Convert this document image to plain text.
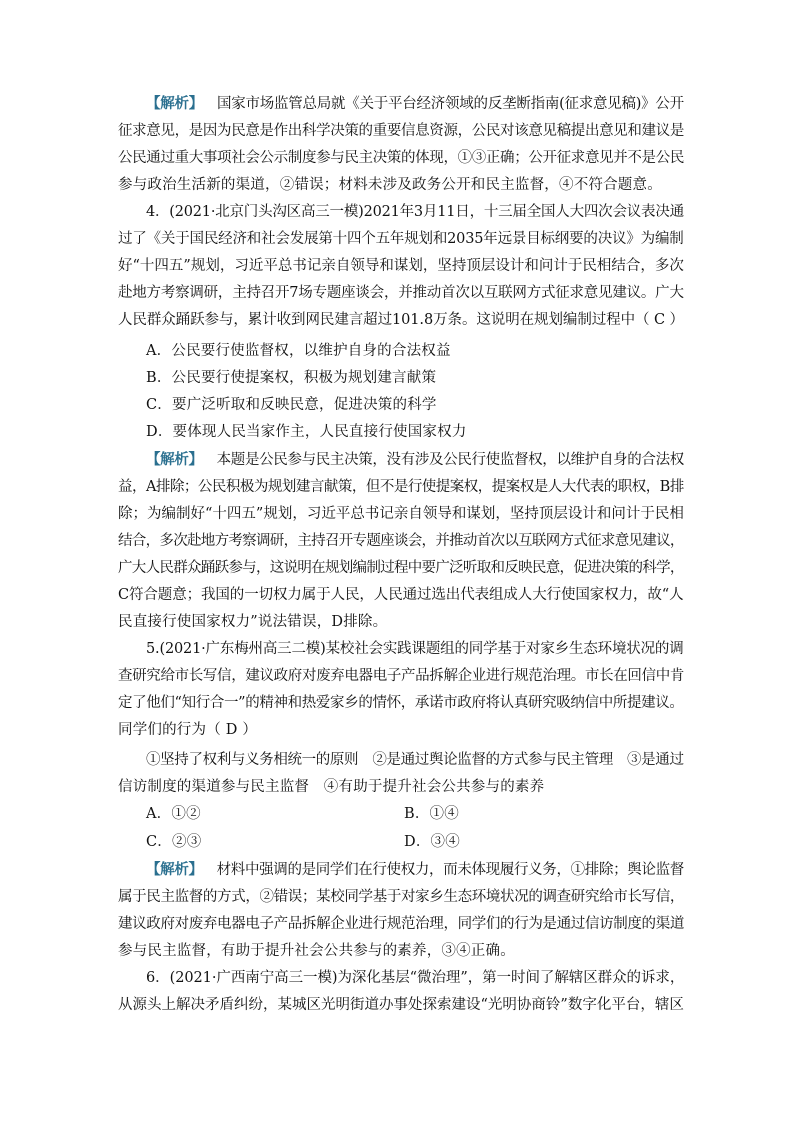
【解析】 国家市场监管总局就《关于平台经济领域的反垄断指南(征求意见稿)》公开
征求意见，是因为民意是作出科学决策的重要信息资源，公民对该意见稿提出意见和建议是
公民通过重大事项社会公示制度参与民主决策的体现，①③正确；公开征求意见并不是公民
参与政治生活新的渠道，②错误；材料未涉及政务公开和民主监督，④不符合题意。
4．(2021·北京门头沟区高三一模)2021年3月11日，十三届全国人大四次会议表决通
过了《关于国民经济和社会发展第十四个五年规划和2035年远景目标纲要的决议》为编制
好“十四五”规划，习近平总书记亲自领导和谋划，坚持顶层设计和问计于民相结合，多次
赴地方考察调研，主持召开7场专题座谈会，并推动首次以互联网方式征求意见建议。广大
人民群众踊跃参与，累计收到网民建言超过101.8万条。这说明在规划编制过程中（ C ）
A．公民要行使监督权，以维护自身的合法权益
B．公民要行使提案权，积极为规划建言献策
C．要广泛听取和反映民意，促进决策的科学
D．要体现人民当家作主，人民直接行使国家权力
【解析】 本题是公民参与民主决策，没有涉及公民行使监督权，以维护自身的合法权
益，A排除；公民积极为规划建言献策，但不是行使提案权，提案权是人大代表的职权，B排
除；为编制好“十四五”规划，习近平总书记亲自领导和谋划，坚持顶层设计和问计于民相
结合，多次赴地方考察调研，主持召开专题座谈会，并推动首次以互联网方式征求意见建议，
广大人民群众踊跃参与，这说明在规划编制过程中要广泛听取和反映民意，促进决策的科学，
C符合题意；我国的一切权力属于人民，人民通过选出代表组成人大行使国家权力，故“人
民直接行使国家权力”说法错误，D排除。
5.(2021·广东梅州高三二模)某校社会实践课题组的同学基于对家乡生态环境状况的调
查研究给市长写信，建议政府对废弃电器电子产品拆解企业进行规范治理。市长在回信中肯
定了他们“知行合一”的精神和热爱家乡的情怀，承诺市政府将认真研究吸纳信中所提建议。
同学们的行为（ D ）
①坚持了权利与义务相统一的原则　②是通过舆论监督的方式参与民主管理　③是通过
信访制度的渠道参与民主监督　④有助于提升社会公共参与的素养
A．①②	B．①④
C．②③	D．③④
【解析】 材料中强调的是同学们在行使权力，而未体现履行义务，①排除；舆论监督
属于民主监督的方式，②错误；某校同学基于对家乡生态环境状况的调查研究给市长写信，
建议政府对废弃电器电子产品拆解企业进行规范治理，同学们的行为是通过信访制度的渠道
参与民主监督，有助于提升社会公共参与的素养，③④正确。
6．(2021·广西南宁高三一模)为深化基层“微治理”，第一时间了解辖区群众的诉求，
从源头上解决矛盾纠纷，某城区光明街道办事处探索建设“光明协商铃”数字化平台，辖区
